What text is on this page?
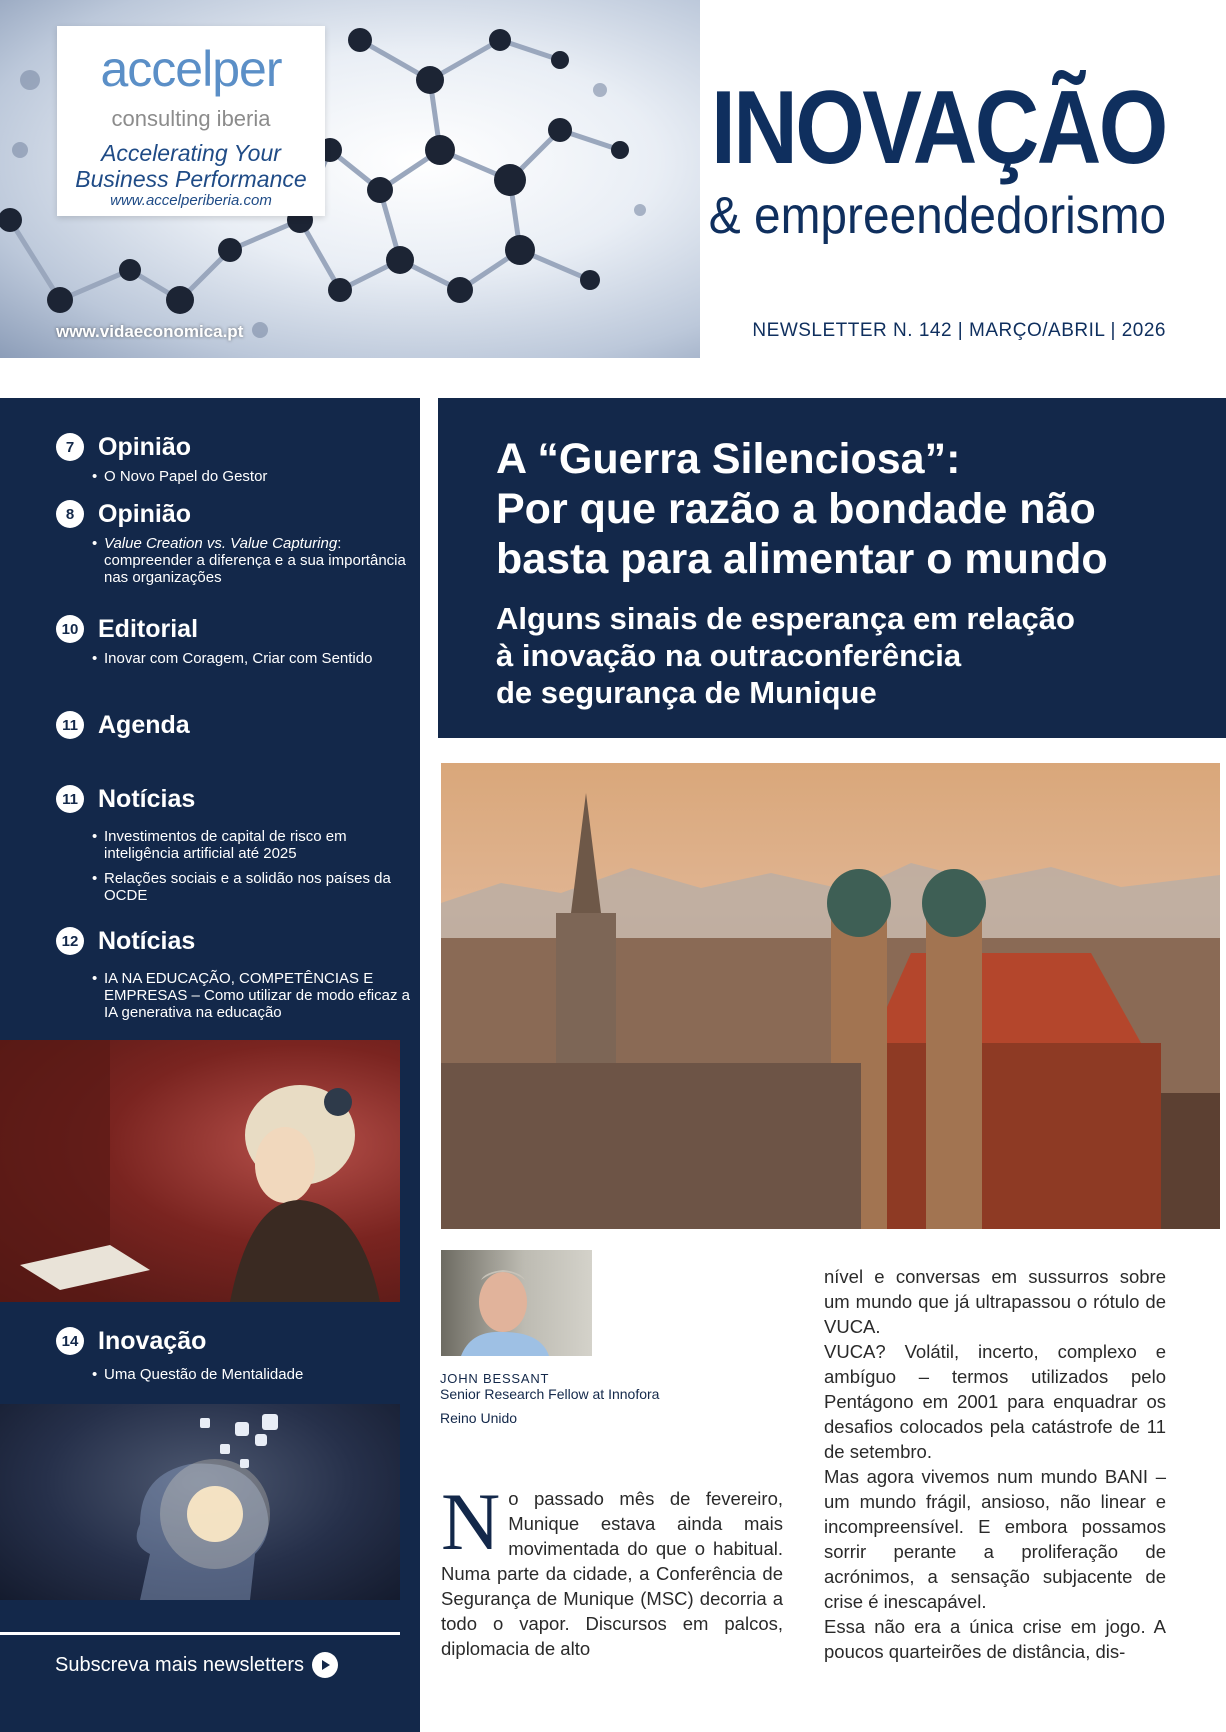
accelper
consulting iberia
Accelerating Your
Business Performance
www.accelperiberia.com
www.vidaeconomica.pt
INOVAÇÃO
& empreendedorismo
NEWSLETTER N. 142 | MARÇO/ABRIL | 2026
7 Opinião
• O Novo Papel do Gestor
8 Opinião
• Value Creation vs. Value Capturing: compreender a diferença e a sua importância nas organizações
10 Editorial
• Inovar com Coragem, Criar com Sentido
11 Agenda
11 Notícias
• Investimentos de capital de risco em inteligência artificial até 2025
• Relações sociais e a solidão nos países da OCDE
12 Notícias
• IA NA EDUCAÇÃO, COMPETÊNCIAS E EMPRESAS – Como utilizar de modo eficaz a IA generativa na educação
14 Inovação
• Uma Questão de Mentalidade
Subscreva mais newsletters
A “Guerra Silenciosa”:
Por que razão a bondade não
basta para alimentar o mundo
Alguns sinais de esperança em relação
à inovação na outraconferência
de segurança de Munique
JOHN BESSANT
Senior Research Fellow at Innofora
Reino Unido
N o passado mês de fevereiro, Munique estava ainda mais movimentada do que o habitual. Numa parte da cidade, a Conferência de Segurança de Munique (MSC) decorria a todo o vapor. Discursos em palcos, diplomacia de alto

nível e conversas em sussurros sobre um mundo que já ultrapassou o rótulo de VUCA.

VUCA? Volátil, incerto, complexo e ambíguo – termos utilizados pelo Pentágono em 2001 para enquadrar os desafios colocados pela catástrofe de 11 de setembro.

Mas agora vivemos num mundo BANI – um mundo frágil, ansioso, não linear e incompreensível. E embora possamos sorrir perante a proliferação de acrónimos, a sensação subjacente de crise é inescapável.

Essa não era a única crise em jogo. A poucos quarteirões de distância, dis-
